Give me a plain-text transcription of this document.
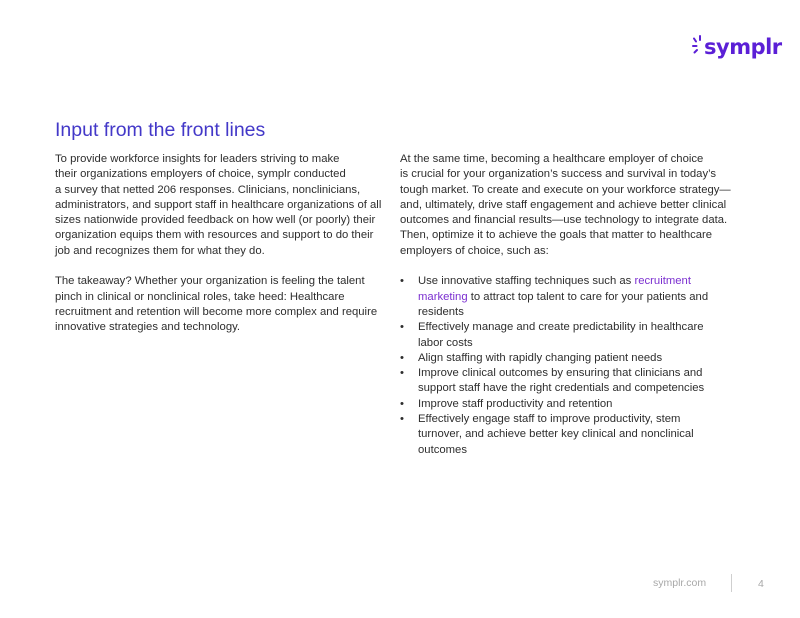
symplr
Input from the front lines
To provide workforce insights for leaders striving to make
their organizations employers of choice, symplr conducted
a survey that netted 206 responses. Clinicians, nonclinicians,
administrators, and support staff in healthcare organizations of all
sizes nationwide provided feedback on how well (or poorly) their
organization equips them with resources and support to do their
job and recognizes them for what they do.
The takeaway? Whether your organization is feeling the talent
pinch in clinical or nonclinical roles, take heed: Healthcare
recruitment and retention will become more complex and require
innovative strategies and technology.
At the same time, becoming a healthcare employer of choice
is crucial for your organization’s success and survival in today’s
tough market. To create and execute on your workforce strategy—
and, ultimately, drive staff engagement and achieve better clinical
outcomes and financial results—use technology to integrate data.
Then, optimize it to achieve the goals that matter to healthcare
employers of choice, such as:
• Use innovative staffing techniques such as recruitment
marketing to attract top talent to care for your patients and
residents
• Effectively manage and create predictability in healthcare
labor costs
• Align staffing with rapidly changing patient needs
• Improve clinical outcomes by ensuring that clinicians and
support staff have the right credentials and competencies
• Improve staff productivity and retention
• Effectively engage staff to improve productivity, stem
turnover, and achieve better key clinical and nonclinical
outcomes
symplr.com	4
